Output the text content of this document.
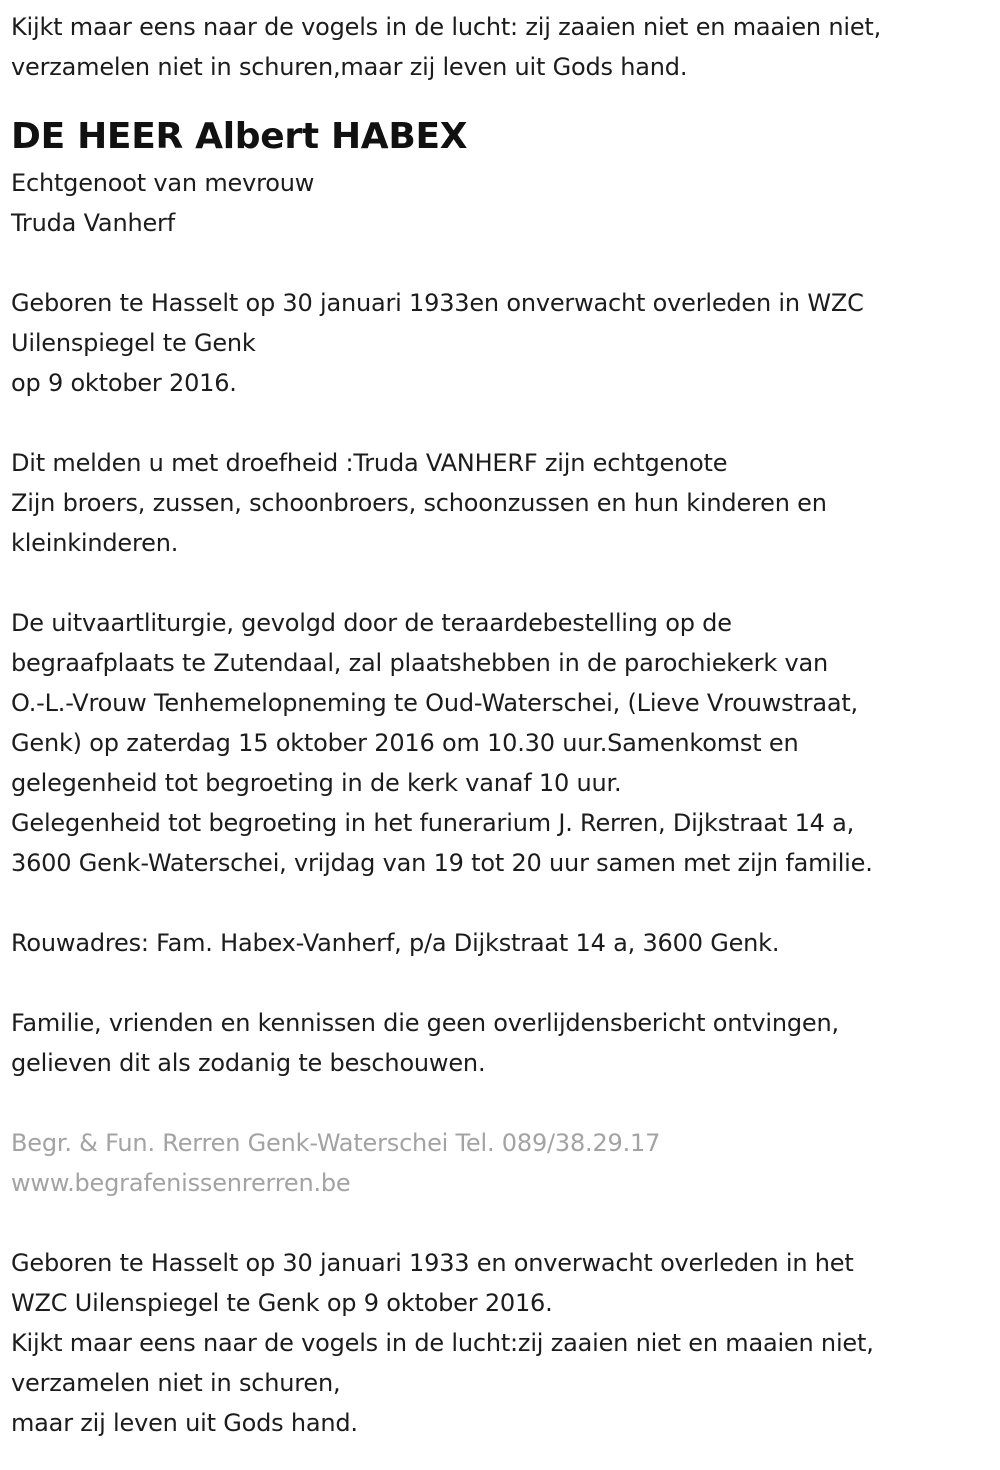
Kijkt maar eens naar de vogels in de lucht: zij zaaien niet en maaien niet,
verzamelen niet in schuren,maar zij leven uit Gods hand.
DE HEER Albert HABEX
Echtgenoot van mevrouw
Truda Vanherf
Geboren te Hasselt op 30 januari 1933en onverwacht overleden in WZC
Uilenspiegel te Genk
op 9 oktober 2016.
Dit melden u met droefheid :Truda VANHERF zijn echtgenote
Zijn broers, zussen, schoonbroers, schoonzussen en hun kinderen en
kleinkinderen.
De uitvaartliturgie, gevolgd door de teraardebestelling op de
begraafplaats te Zutendaal, zal plaatshebben in de parochiekerk van
O.-L.-Vrouw Tenhemelopneming te Oud-Waterschei, (Lieve Vrouwstraat,
Genk) op zaterdag 15 oktober 2016 om 10.30 uur.Samenkomst en
gelegenheid tot begroeting in de kerk vanaf 10 uur.
Gelegenheid tot begroeting in het funerarium J. Rerren, Dijkstraat 14 a,
3600 Genk-Waterschei, vrijdag van 19 tot 20 uur samen met zijn familie.
Rouwadres: Fam. Habex-Vanherf, p/a Dijkstraat 14 a, 3600 Genk.
Familie, vrienden en kennissen die geen overlijdensbericht ontvingen,
gelieven dit als zodanig te beschouwen.
Begr. & Fun. Rerren Genk-Waterschei Tel. 089/38.29.17
www.begrafenissenrerren.be
Geboren te Hasselt op 30 januari 1933 en onverwacht overleden in het
WZC Uilenspiegel te Genk op 9 oktober 2016.
Kijkt maar eens naar de vogels in de lucht:zij zaaien niet en maaien niet,
verzamelen niet in schuren,
maar zij leven uit Gods hand.
